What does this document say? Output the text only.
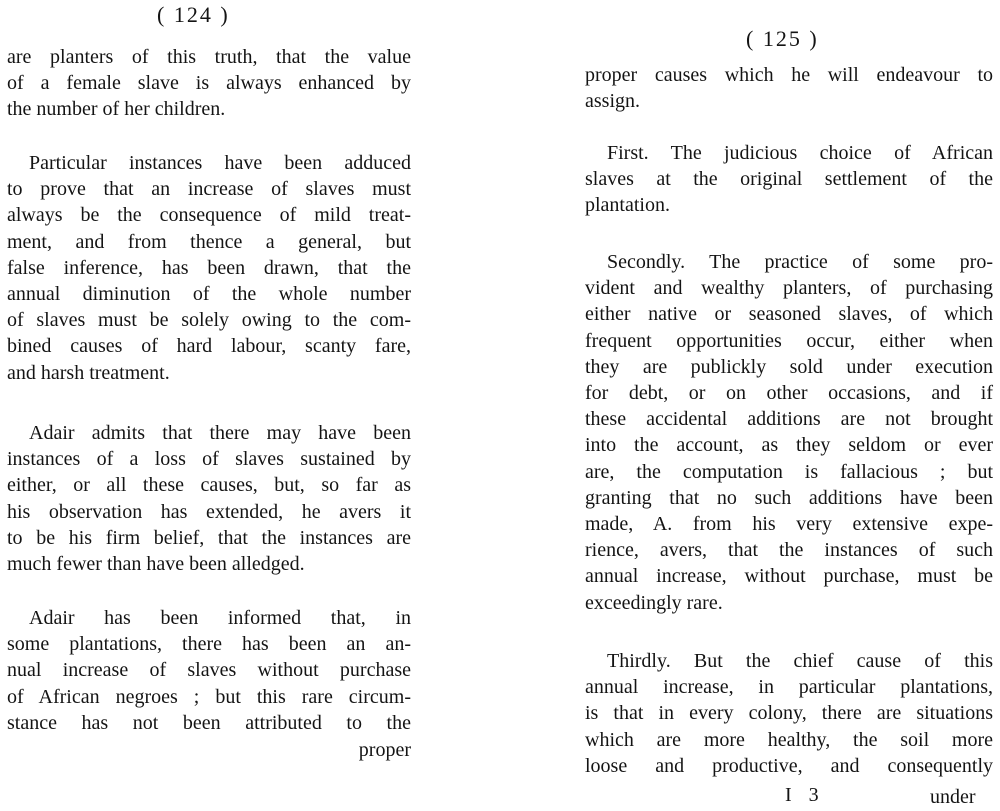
( 124 )
are planters of this truth, that the value
of a female slave is always enhanced by
the number of her children.
Particular instances have been adduced
to prove that an increase of slaves must
always be the consequence of mild treat-
ment, and from thence a general, but
false inference, has been drawn, that the
annual diminution of the whole number
of slaves must be solely owing to the com-
bined causes of hard labour, scanty fare,
and harsh treatment.
Adair admits that there may have been
instances of a loss of slaves sustained by
either, or all these causes, but, so far as
his observation has extended, he avers it
to be his firm belief, that the instances are
much fewer than have been alledged.
Adair has been informed that, in
some plantations, there has been an an-
nual increase of slaves without purchase
of African negroes ; but this rare circum-
stance has not been attributed to the

proper

( 125 )
proper causes which he will endeavour to
assign.
First. The judicious choice of African
slaves at the original settlement of the
plantation.
Secondly. The practice of some pro-
vident and wealthy planters, of purchasing
either native or seasoned slaves, of which
frequent opportunities occur, either when
they are publickly sold under execution
for debt, or on other occasions, and if
these accidental additions are not brought
into the account, as they seldom or ever
are, the computation is fallacious ; but
granting that no such additions have been
made, A. from his very extensive expe-
rience, avers, that the instances of such
annual increase, without purchase, must be
exceedingly rare.
Thirdly. But the chief cause of this
annual increase, in particular plantations,
is that in every colony, there are situations
which are more healthy, the soil more
loose and productive, and consequently
I 3	under
